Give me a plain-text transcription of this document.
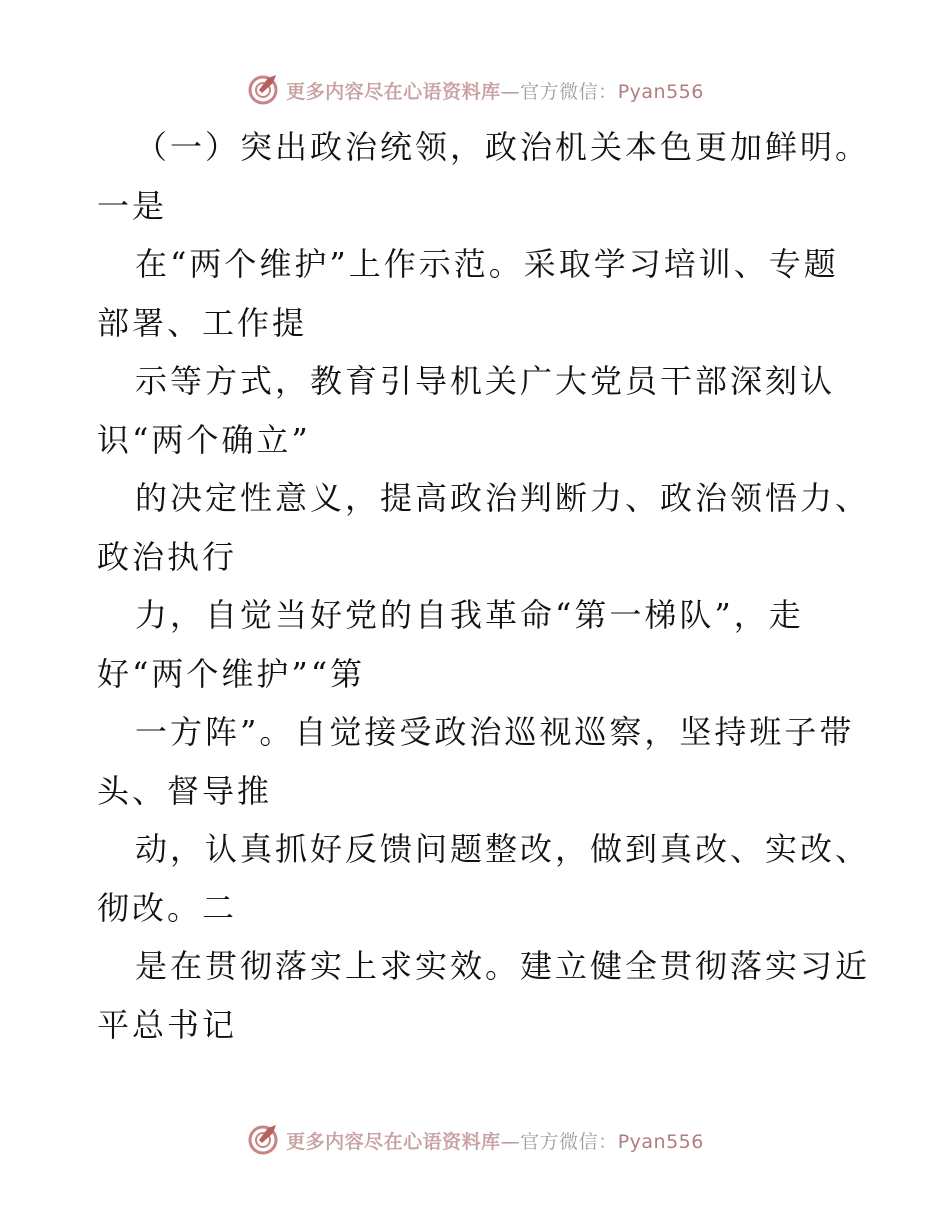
更多内容尽在心语资料库—官方微信：Pyan556
（一）突出政治统领，政治机关本色更加鲜明。
一是
在“两个维护”上作示范。采取学习培训、专题
部署、工作提
示等方式，教育引导机关广大党员干部深刻认
识“两个确立”
的决定性意义，提高政治判断力、政治领悟力、
政治执行
力，自觉当好党的自我革命“第一梯队”，走
好“两个维护”“第
一方阵”。自觉接受政治巡视巡察，坚持班子带
头、督导推
动，认真抓好反馈问题整改，做到真改、实改、
彻改。二
是在贯彻落实上求实效。建立健全贯彻落实习近
平总书记
更多内容尽在心语资料库—官方微信：Pyan556
